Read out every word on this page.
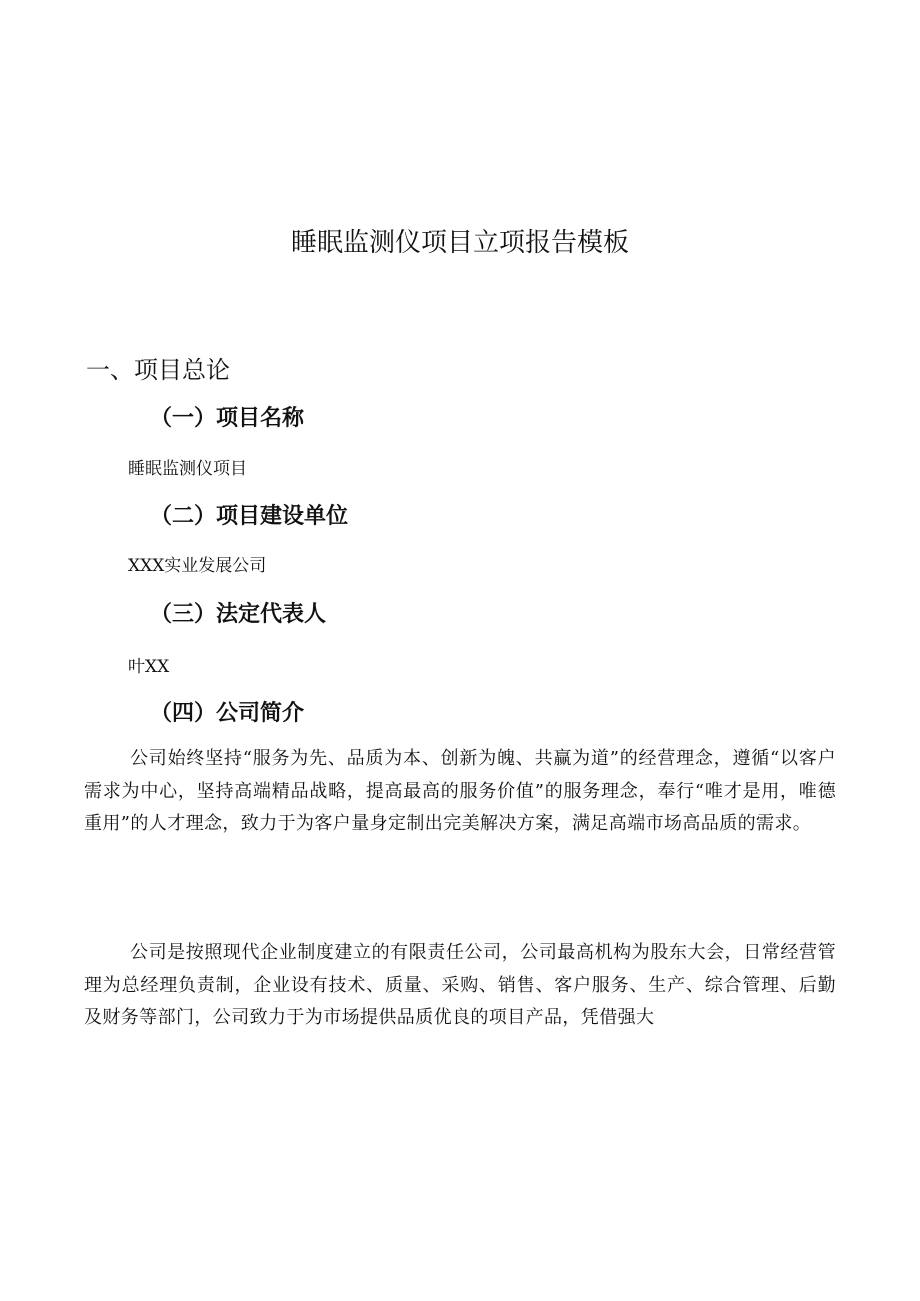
睡眠监测仪项目立项报告模板
一、项目总论
（一）项目名称

睡眠监测仪项目

（二）项目建设单位

XXX实业发展公司

（三）法定代表人

叶XX

（四）公司简介

公司始终坚持“服务为先、品质为本、创新为魄、共赢为道”的经营理念，遵循“以客户需求为中心，坚持高端精品战略，提高最高的服务价值”的服务理念，奉行“唯才是用，唯德重用”的人才理念，致力于为客户量身定制出完美解决方案，满足高端市场高品质的需求。

公司是按照现代企业制度建立的有限责任公司，公司最高机构为股东大会，日常经营管理为总经理负责制，企业设有技术、质量、采购、销售、客户服务、生产、综合管理、后勤及财务等部门，公司致力于为市场提供品质优良的项目产品，凭借强大
